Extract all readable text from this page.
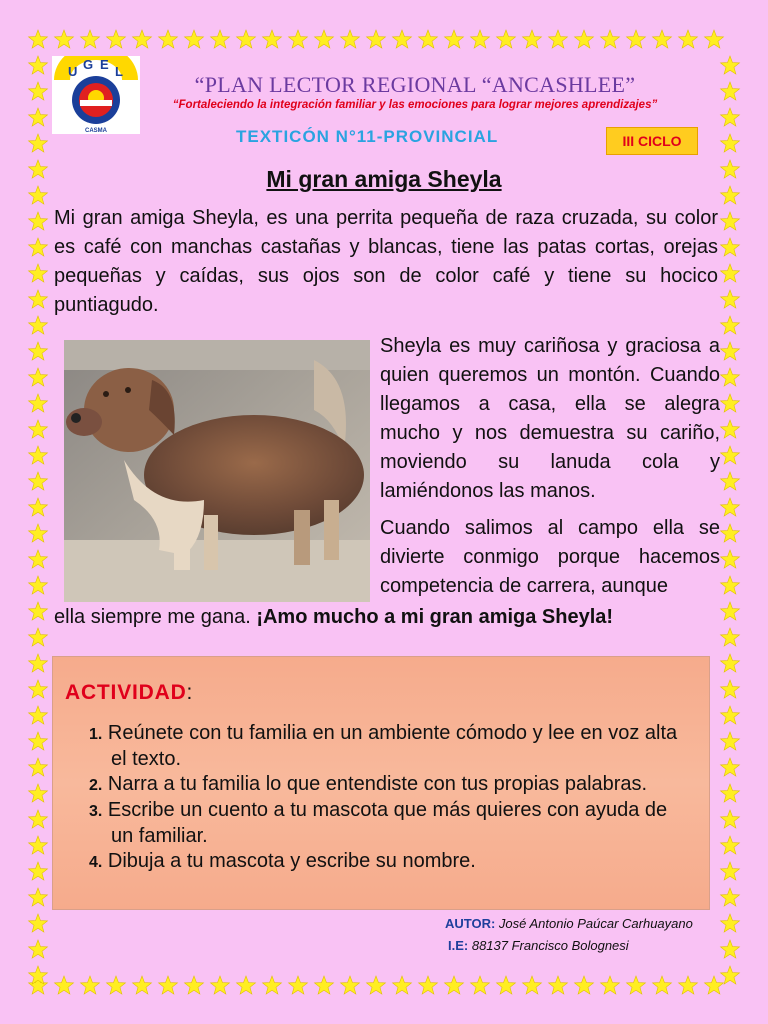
U G E L
CASMA
“PLAN LECTOR REGIONAL “ANCASHLEE”
“Fortaleciendo la integración familiar y las emociones para lograr mejores aprendizajes”
TEXTICÓN N°11-PROVINCIAL	III CICLO
Mi gran amiga Sheyla
Mi gran amiga Sheyla, es una perrita pequeña de raza cruzada, su color es café con manchas castañas y blancas, tiene las patas cortas, orejas pequeñas y caídas, sus ojos son de color café y tiene su hocico puntiagudo.
Sheyla es muy cariñosa y graciosa a quien queremos un montón. Cuando llegamos a casa, ella se alegra mucho y nos demuestra su cariño, moviendo su lanuda cola y lamiéndonos las manos.
Cuando salimos al campo ella se divierte conmigo porque hacemos competencia de carrera, aunque
ella siempre me gana. ¡Amo mucho a mi gran amiga Sheyla!
ACTIVIDAD:
1. Reúnete con tu familia en un ambiente cómodo y lee en voz alta el texto.
2. Narra a tu familia lo que entendiste con tus propias palabras.
3. Escribe un cuento a tu mascota que más quieres con ayuda de un familiar.
4. Dibuja a tu mascota y escribe su nombre.
AUTOR: José Antonio Paúcar Carhuayano
I.E: 88137 Francisco Bolognesi
